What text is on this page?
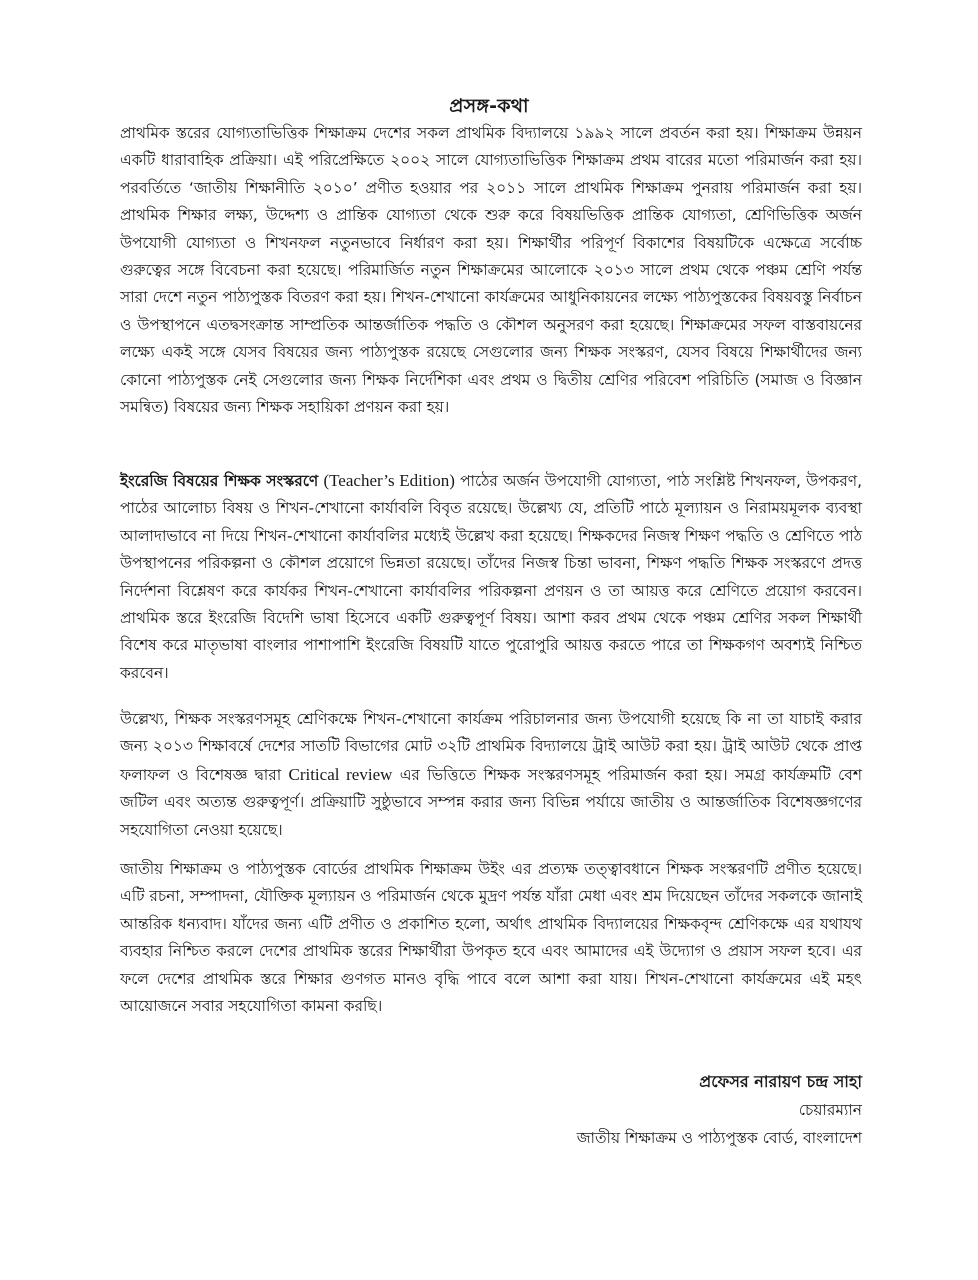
প্রসঙ্গ-কথা

প্রাথমিক স্তরের যোগ্যতাভিত্তিক শিক্ষাক্রম দেশের সকল প্রাথমিক বিদ্যালয়ে ১৯৯২ সালে প্রবর্তন করা হয়। শিক্ষাক্রম উন্নয়ন একটি ধারাবাহিক প্রক্রিয়া। এই পরিপ্রেক্ষিতে ২০০২ সালে যোগ্যতাভিত্তিক শিক্ষাক্রম প্রথম বারের মতো পরিমার্জন করা হয়। পরবর্তিতে ‘জাতীয় শিক্ষানীতি ২০১০’ প্রণীত হওয়ার পর ২০১১ সালে প্রাথমিক শিক্ষাক্রম পুনরায় পরিমার্জন করা হয়। প্রাথমিক শিক্ষার লক্ষ্য, উদ্দেশ্য ও প্রান্তিক যোগ্যতা থেকে শুরু করে বিষয়ভিত্তিক প্রান্তিক যোগ্যতা, শ্রেণিভিত্তিক অর্জন উপযোগী যোগ্যতা ও শিখনফল নতুনভাবে নির্ধারণ করা হয়। শিক্ষার্থীর পরিপূর্ণ বিকাশের বিষয়টিকে এক্ষেত্রে সর্বোচ্চ গুরুত্বের সঙ্গে বিবেচনা করা হয়েছে। পরিমার্জিত নতুন শিক্ষাক্রমের আলোকে ২০১৩ সালে প্রথম থেকে পঞ্চম শ্রেণি পর্যন্ত সারা দেশে নতুন পাঠ্যপুস্তক বিতরণ করা হয়। শিখন-শেখানো কার্যক্রমের আধুনিকায়নের লক্ষ্যে পাঠ্যপুস্তকের বিষয়বস্তু নির্বাচন ও উপস্থাপনে এতদ্বসংক্রান্ত সাম্প্রতিক আন্তর্জাতিক পদ্ধতি ও কৌশল অনুসরণ করা হয়েছে। শিক্ষাক্রমের সফল বাস্তবায়নের লক্ষ্যে একই সঙ্গে যেসব বিষয়ের জন্য পাঠ্যপুস্তক রয়েছে সেগুলোর জন্য শিক্ষক সংস্করণ, যেসব বিষয়ে শিক্ষার্থীদের জন্য কোনো পাঠ্যপুস্তক নেই সেগুলোর জন্য শিক্ষক নির্দেশিকা এবং প্রথম ও দ্বিতীয় শ্রেণির পরিবেশ পরিচিতি (সমাজ ও বিজ্ঞান সমন্বিত) বিষয়ের জন্য শিক্ষক সহায়িকা প্রণয়ন করা হয়।

ইংরেজি বিষয়ের শিক্ষক সংস্করণে (Teacher’s Edition) পাঠের অর্জন উপযোগী যোগ্যতা, পাঠ সংশ্লিষ্ট শিখনফল, উপকরণ, পাঠের আলোচ্য বিষয় ও শিখন-শেখানো কার্যাবলি বিবৃত রয়েছে। উল্লেখ্য যে, প্রতিটি পাঠে মূল্যায়ন ও নিরাময়মূলক ব্যবস্থা আলাদাভাবে না দিয়ে শিখন-শেখানো কার্যাবলির মধ্যেই উল্লেখ করা হয়েছে। শিক্ষকদের নিজস্ব শিক্ষণ পদ্ধতি ও শ্রেণিতে পাঠ উপস্থাপনের পরিকল্পনা ও কৌশল প্রয়োগে ভিন্নতা রয়েছে। তাঁদের নিজস্ব চিন্তা ভাবনা, শিক্ষণ পদ্ধতি শিক্ষক সংস্করণে প্রদত্ত নির্দেশনা বিশ্লেষণ করে কার্যকর শিখন-শেখানো কার্যাবলির পরিকল্পনা প্রণয়ন ও তা আয়ত্ত করে শ্রেণিতে প্রয়োগ করবেন। প্রাথমিক স্তরে ইংরেজি বিদেশি ভাষা হিসেবে একটি গুরুত্বপূর্ণ বিষয়। আশা করব প্রথম থেকে পঞ্চম শ্রেণির সকল শিক্ষার্থী বিশেষ করে মাতৃভাষা বাংলার পাশাপাশি ইংরেজি বিষয়টি যাতে পুরোপুরি আয়ত্ত করতে পারে তা শিক্ষকগণ অবশ্যই নিশ্চিত করবেন।

উল্লেখ্য, শিক্ষক সংস্করণসমূহ শ্রেণিকক্ষে শিখন-শেখানো কার্যক্রম পরিচালনার জন্য উপযোগী হয়েছে কি না তা যাচাই করার জন্য ২০১৩ শিক্ষাবর্ষে দেশের সাতটি বিভাগের মোট ৩২টি প্রাথমিক বিদ্যালয়ে ট্রাই আউট করা হয়। ট্রাই আউট থেকে প্রাপ্ত ফলাফল ও বিশেষজ্ঞ দ্বারা Critical review এর ভিত্তিতে শিক্ষক সংস্করণসমূহ পরিমার্জন করা হয়। সমগ্র কার্যক্রমটি বেশ জটিল এবং অত্যন্ত গুরুত্বপূর্ণ। প্রক্রিয়াটি সুষ্ঠুভাবে সম্পন্ন করার জন্য বিভিন্ন পর্যায়ে জাতীয় ও আন্তর্জাতিক বিশেষজ্ঞগণের সহযোগিতা নেওয়া হয়েছে।

জাতীয় শিক্ষাক্রম ও পাঠ্যপুস্তক বোর্ডের প্রাথমিক শিক্ষাক্রম উইং এর প্রত্যক্ষ তত্ত্বাবধানে শিক্ষক সংস্করণটি প্রণীত হয়েছে। এটি রচনা, সম্পাদনা, যৌক্তিক মূল্যায়ন ও পরিমার্জন থেকে মুদ্রণ পর্যন্ত যাঁরা মেধা এবং শ্রম দিয়েছেন তাঁদের সকলকে জানাই আন্তরিক ধন্যবাদ। যাঁদের জন্য এটি প্রণীত ও প্রকাশিত হলো, অর্থাৎ প্রাথমিক বিদ্যালয়ের শিক্ষকবৃন্দ শ্রেণিকক্ষে এর যথাযথ ব্যবহার নিশ্চিত করলে দেশের প্রাথমিক স্তরের শিক্ষার্থীরা উপকৃত হবে এবং আমাদের এই উদ্যোগ ও প্রয়াস সফল হবে। এর ফলে দেশের প্রাথমিক স্তরে শিক্ষার গুণগত মানও বৃদ্ধি পাবে বলে আশা করা যায়। শিখন-শেখানো কার্যক্রমের এই মহৎ আয়োজনে সবার সহযোগিতা কামনা করছি।

প্রফেসর নারায়ণ চন্দ্র সাহা
চেয়ারম্যান
জাতীয় শিক্ষাক্রম ও পাঠ্যপুস্তক বোর্ড, বাংলাদেশ
